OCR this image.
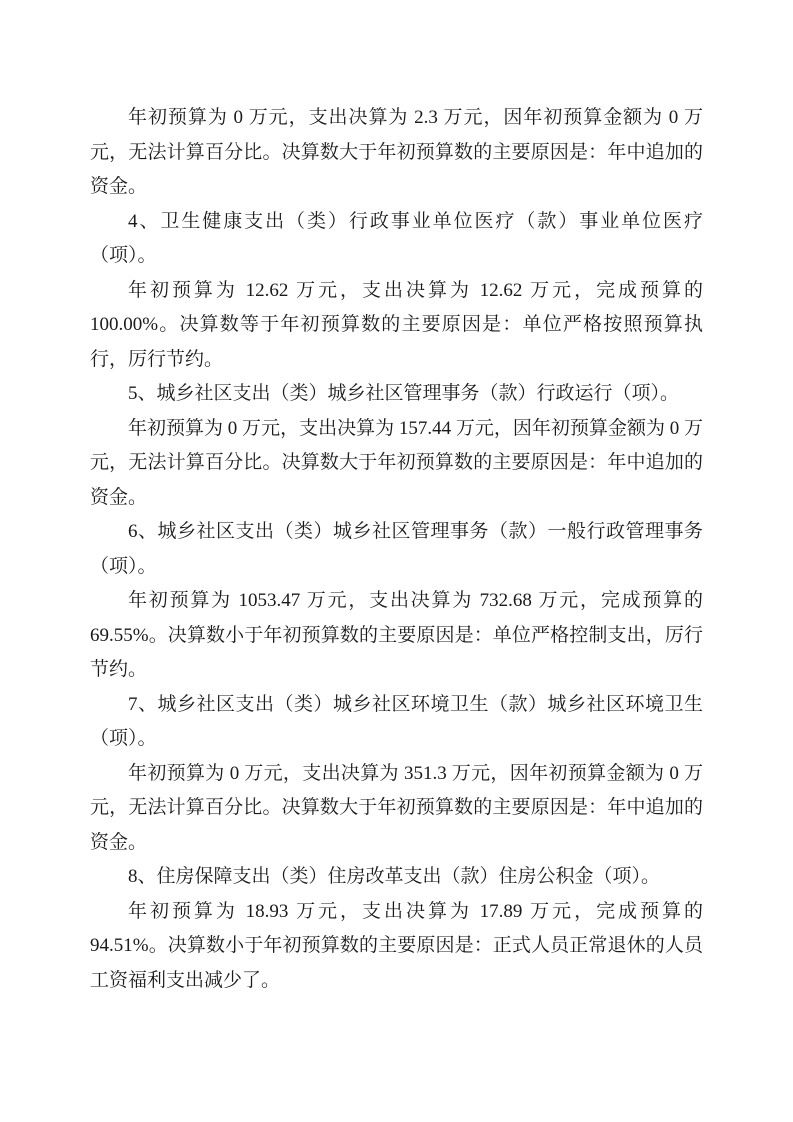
年初预算为 0 万元，支出决算为 2.3 万元，因年初预算金额为 0 万元，无法计算百分比。决算数大于年初预算数的主要原因是：年中追加的资金。

4、卫生健康支出（类）行政事业单位医疗（款）事业单位医疗（项）。

年初预算为 12.62 万元，支出决算为 12.62 万元，完成预算的 100.00%。决算数等于年初预算数的主要原因是：单位严格按照预算执行，厉行节约。

5、城乡社区支出（类）城乡社区管理事务（款）行政运行（项）。

年初预算为 0 万元，支出决算为 157.44 万元，因年初预算金额为 0 万元，无法计算百分比。决算数大于年初预算数的主要原因是：年中追加的资金。

6、城乡社区支出（类）城乡社区管理事务（款）一般行政管理事务（项）。

年初预算为 1053.47 万元，支出决算为 732.68 万元，完成预算的 69.55%。决算数小于年初预算数的主要原因是：单位严格控制支出，厉行节约。

7、城乡社区支出（类）城乡社区环境卫生（款）城乡社区环境卫生（项）。

年初预算为 0 万元，支出决算为 351.3 万元，因年初预算金额为 0 万元，无法计算百分比。决算数大于年初预算数的主要原因是：年中追加的资金。

8、住房保障支出（类）住房改革支出（款）住房公积金（项）。

年初预算为 18.93 万元，支出决算为 17.89 万元，完成预算的 94.51%。决算数小于年初预算数的主要原因是：正式人员正常退休的人员工资福利支出减少了。
